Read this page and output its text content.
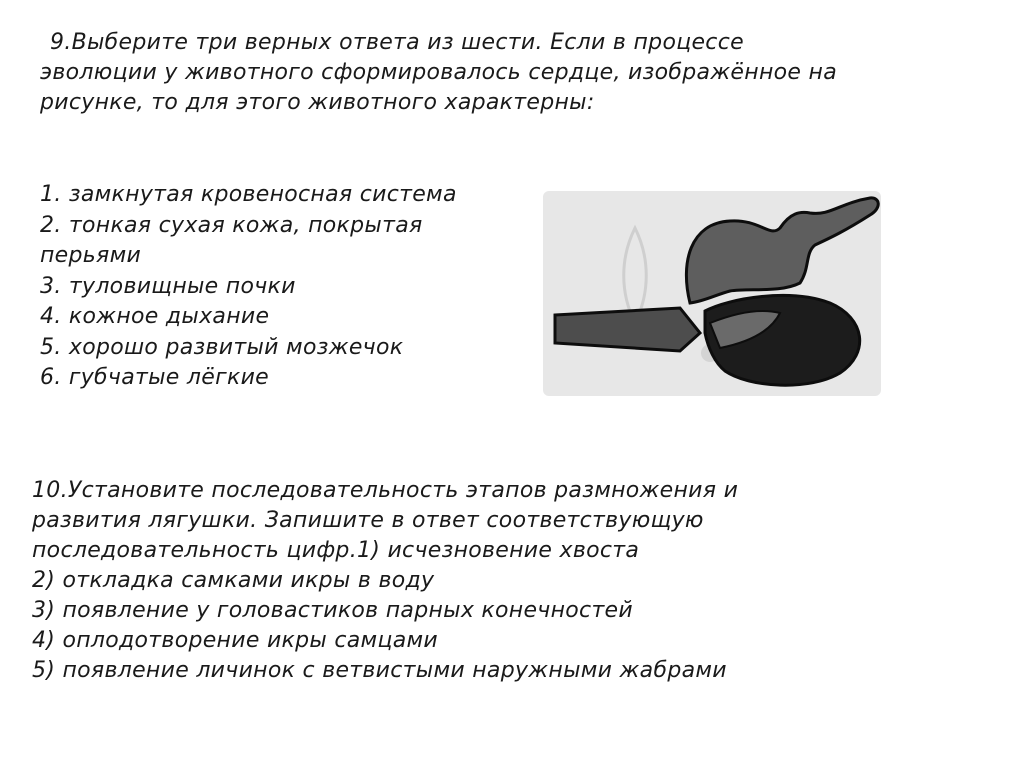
9.Выберите три верных ответа из шести. Если в процессе
эволюции у животного сформировалось сердце, изображённое на
рисунке, то для этого животного характерны:
1. замкнутая кровеносная система
2. тонкая сухая кожа, покрытая
перьями
3. туловищные почки
4. кожное дыхание
5. хорошо развитый мозжечок
6. губчатые лёгкие
10.Установите последовательность этапов размножения и
развития лягушки. Запишите в ответ соответствующую
последовательность цифр.1) исчезновение хвоста
2) откладка самками икры в воду
3) появление у головастиков парных конечностей
4) оплодотворение икры самцами
5) появление личинок с ветвистыми наружными жабрами
